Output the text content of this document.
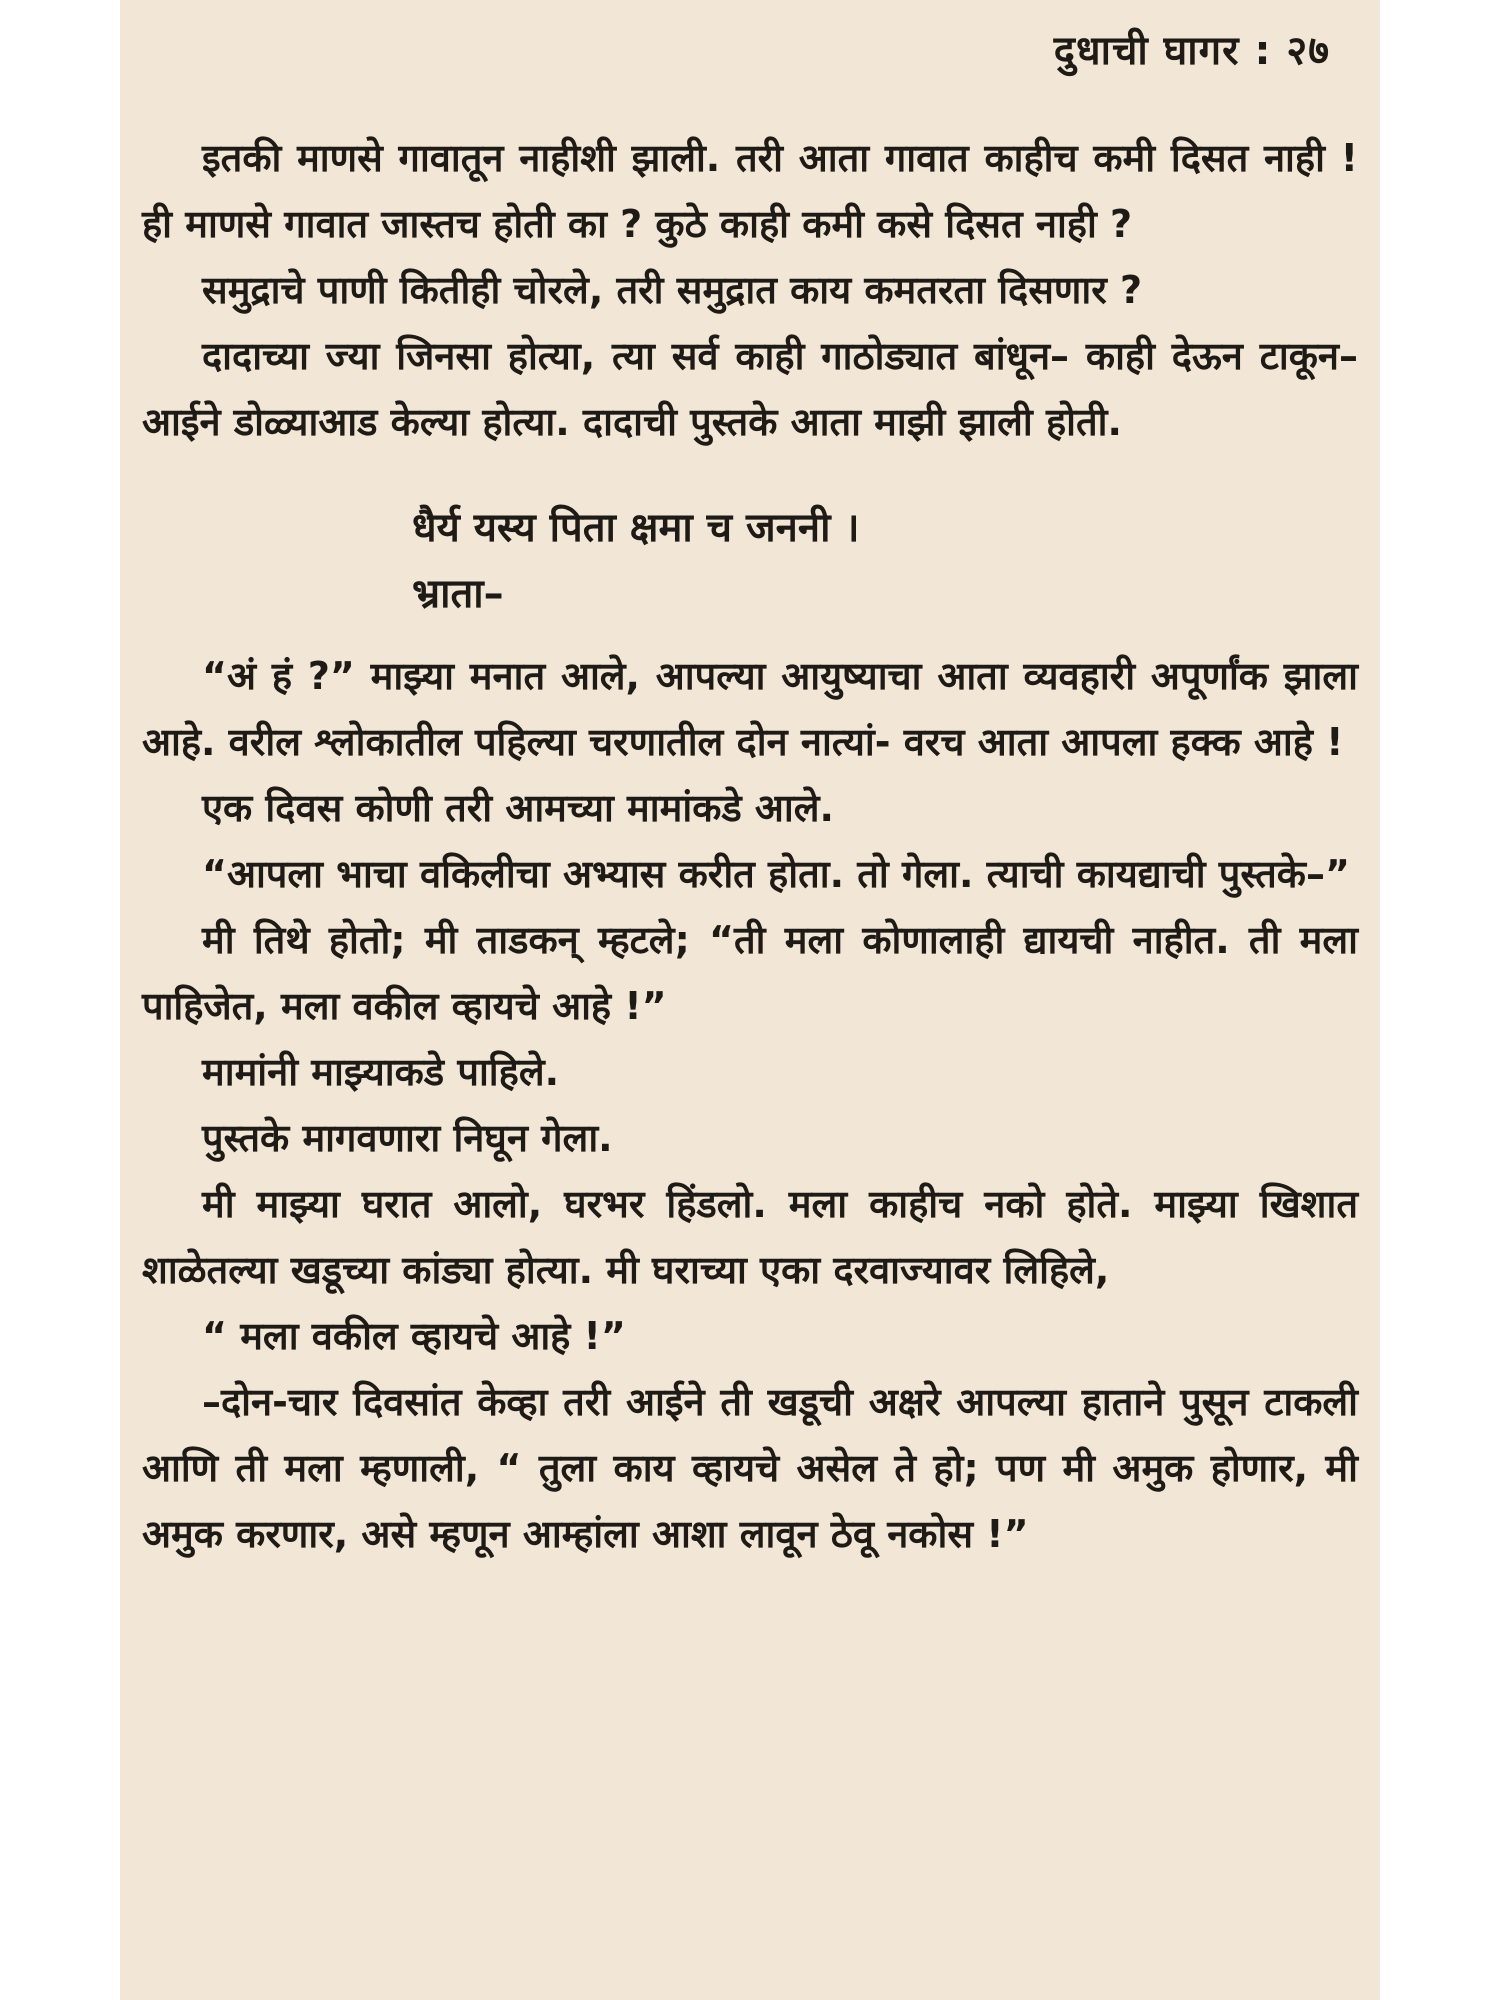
दुधाची घागर : २७

इतकी माणसे गावातून नाहीशी झाली. तरी आता गावात काहीच कमी दिसत नाही ! ही माणसे गावात जास्तच होती का ? कुठे काही कमी कसे दिसत नाही ?

समुद्राचे पाणी कितीही चोरले, तरी समुद्रात काय कमतरता दिसणार ?

दादाच्या ज्या जिनसा होत्या, त्या सर्व काही गाठोड्यात बांधून– काही देऊन टाकून– आईने डोळ्याआड केल्या होत्या. दादाची पुस्तके आता माझी झाली होती.

धैर्य यस्य पिता क्षमा च जननी ।
भ्राता–

“अं हं ?” माझ्या मनात आले, आपल्या आयुष्याचा आता व्यवहारी अपूर्णांक झाला आहे. वरील श्लोकातील पहिल्या चरणातील दोन नात्यां- वरच आता आपला हक्क आहे !

एक दिवस कोणी तरी आमच्या मामांकडे आले.

“आपला भाचा वकिलीचा अभ्यास करीत होता. तो गेला. त्याची कायद्याची पुस्तके–”

मी तिथे होतो; मी ताडकन् म्हटले; “ती मला कोणालाही द्यायची नाहीत. ती मला पाहिजेत, मला वकील व्हायचे आहे !”

मामांनी माझ्याकडे पाहिले.

पुस्तके मागवणारा निघून गेला.

मी माझ्या घरात आलो, घरभर हिंडलो. मला काहीच नको होते. माझ्या खिशात शाळेतल्या खडूच्या कांड्या होत्या. मी घराच्या एका दरवाज्यावर लिहिले,

“ मला वकील व्हायचे आहे !”

–दोन-चार दिवसांत केव्हा तरी आईने ती खडूची अक्षरे आपल्या हाताने पुसून टाकली आणि ती मला म्हणाली, “ तुला काय व्हायचे असेल ते हो; पण मी अमुक होणार, मी अमुक करणार, असे म्हणून आम्हांला आशा लावून ठेवू नकोस !”
